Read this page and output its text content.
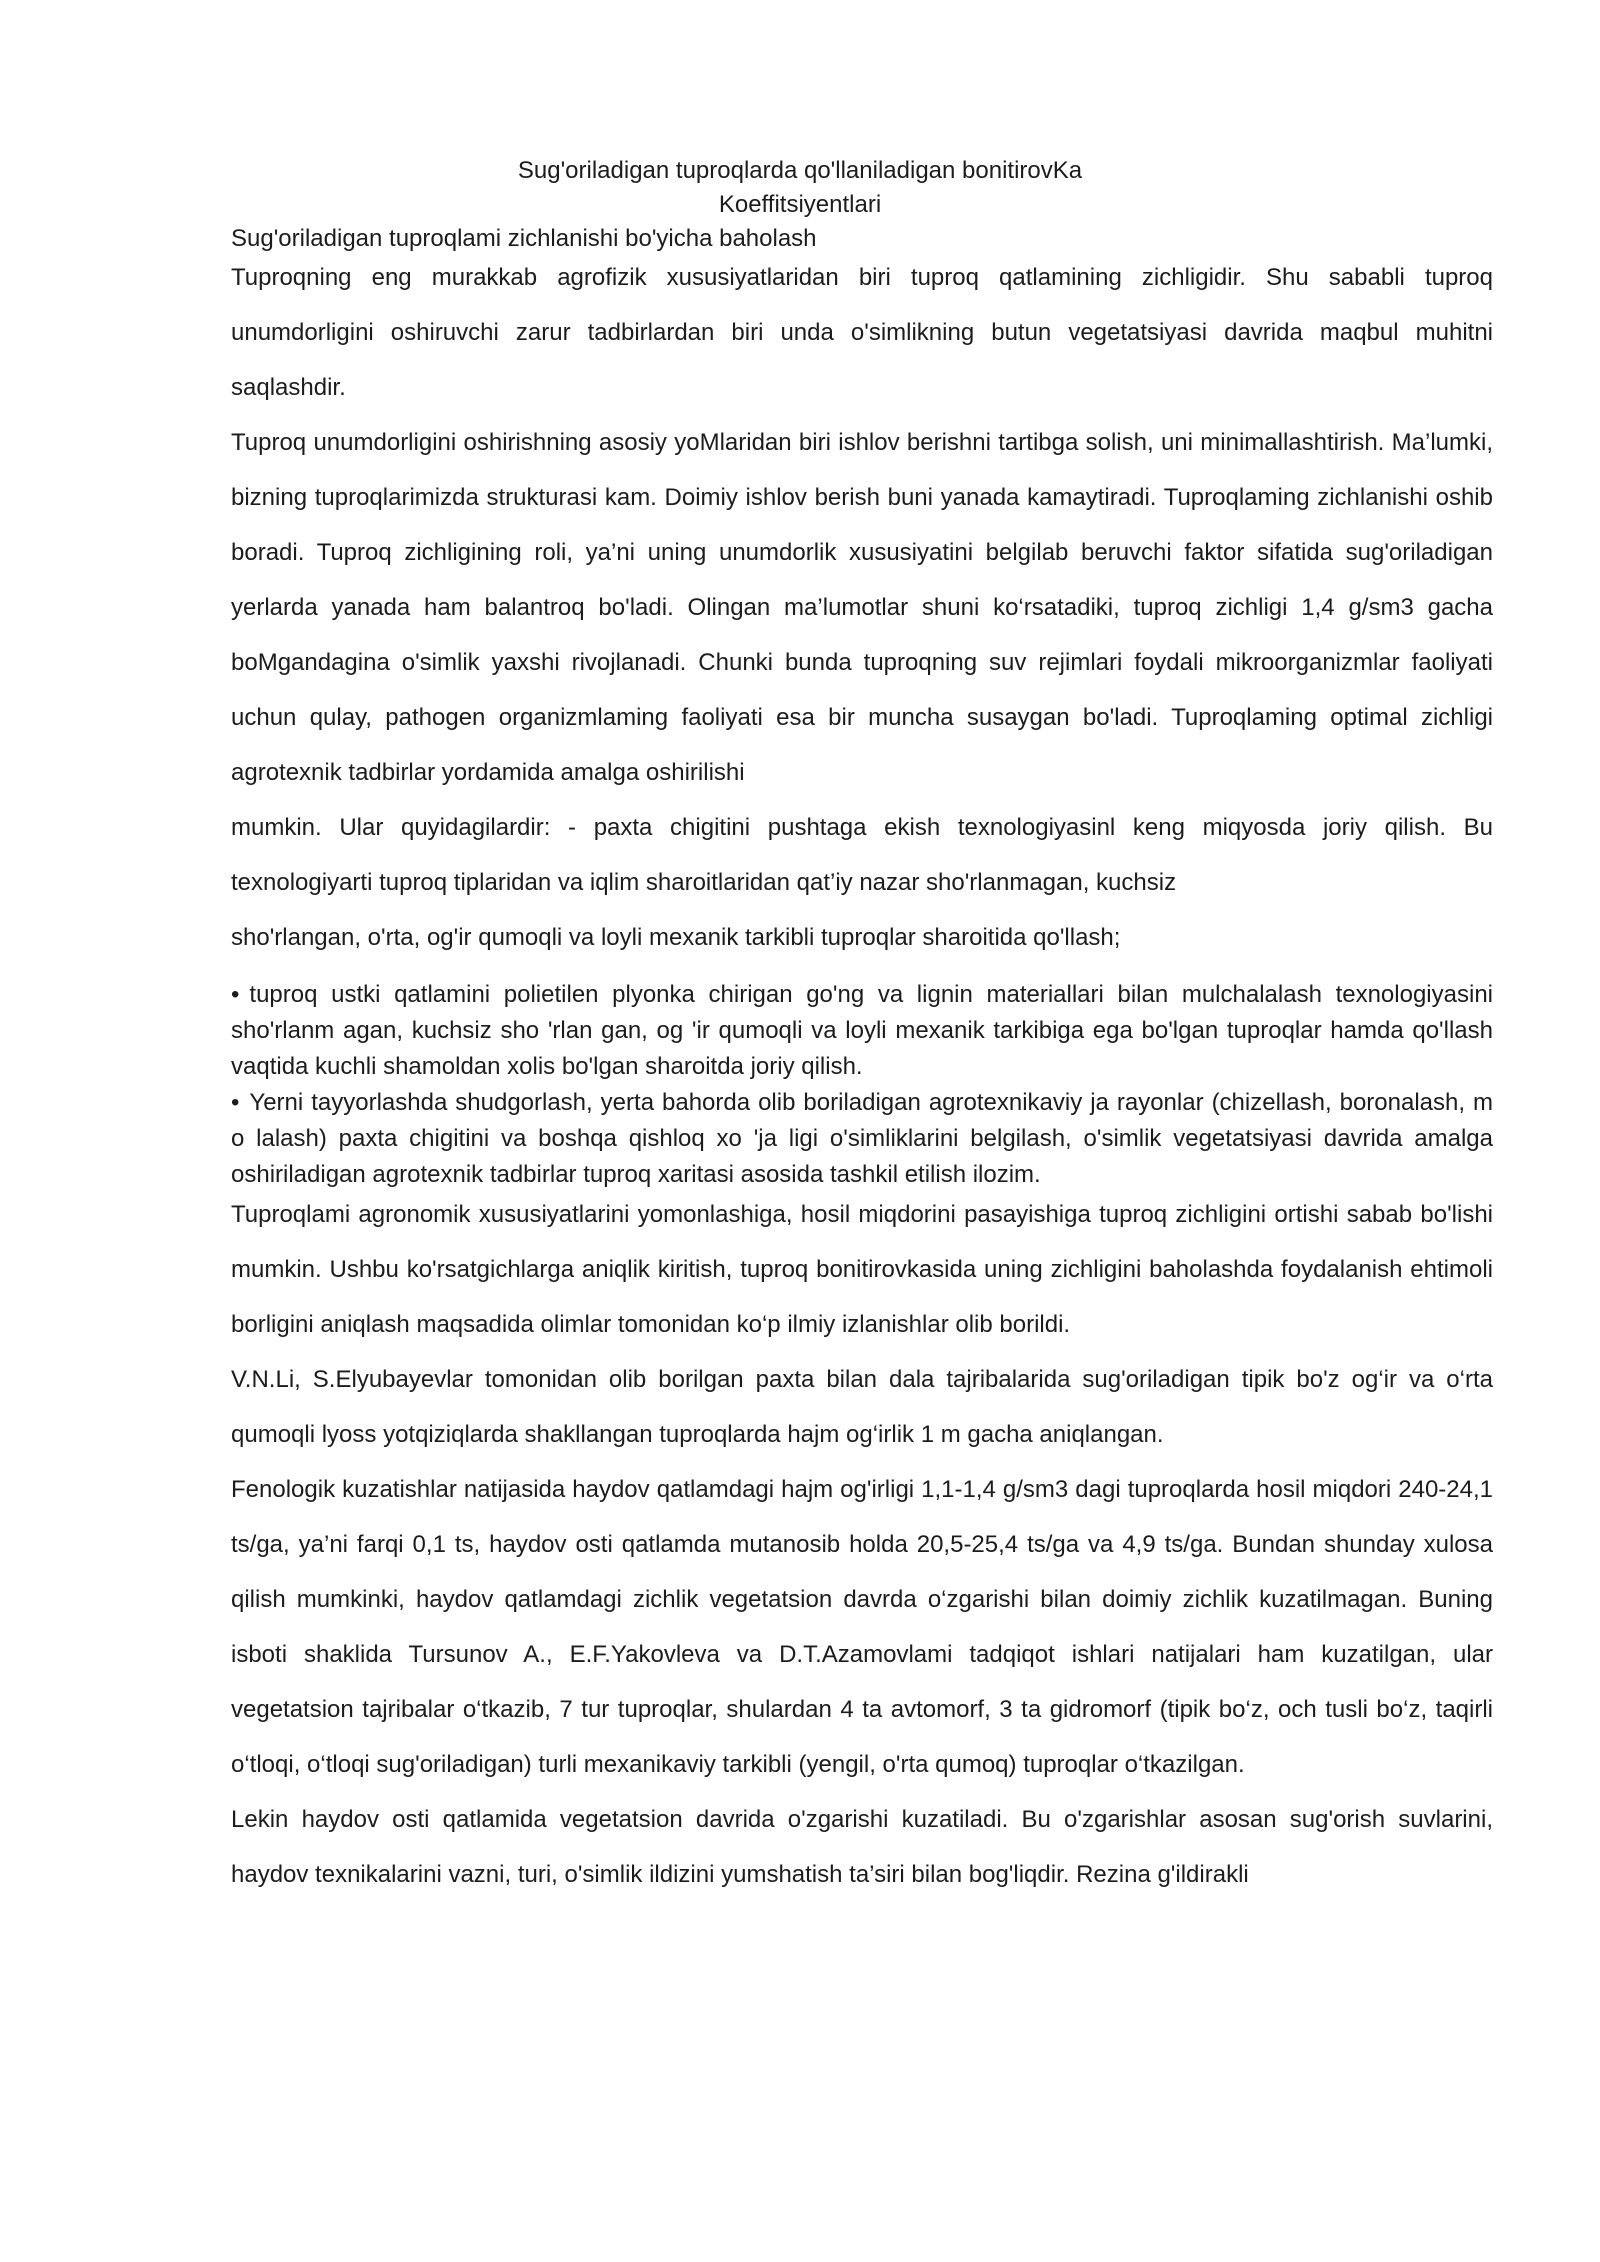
Sug'oriladigan tuproqlarda qo'llaniladigan bonitirovKa

Koeffitsiyentlari

Sug'oriladigan tuproqlami zichlanishi bo'yicha baholash

Tuproqning eng murakkab agrofizik xususiyatlaridan biri tuproq qatlamining zichligidir. Shu sababli tuproq unumdorligini oshiruvchi zarur tadbirlardan biri unda o'simlikning butun vegetatsiyasi davrida maqbul muhitni saqlashdir.

Tuproq unumdorligini oshirishning asosiy yoMlaridan biri ishlov berishni tartibga solish, uni minimallashtirish. Ma’lumki, bizning tuproqlarimizda strukturasi kam. Doimiy ishlov berish buni yanada kamaytiradi. Tuproqlaming zichlanishi oshib boradi. Tuproq zichligining roli, ya’ni uning unumdorlik xususiyatini belgilab beruvchi faktor sifatida sug'oriladigan yerlarda yanada ham balantroq bo'ladi. Olingan ma’lumotlar shuni ko‘rsatadiki, tuproq zichligi 1,4 g/sm3 gacha boMgandagina o'simlik yaxshi rivojlanadi. Chunki bunda tuproqning suv rejimlari foydali mikroorganizmlar faoliyati uchun qulay, pathogen organizmlaming faoliyati esa bir muncha susaygan bo'ladi. Tuproqlaming optimal zichligi agrotexnik tadbirlar yordamida amalga oshirilishi

mumkin. Ular quyidagilardir: - paxta chigitini pushtaga ekish texnologiyasinl keng miqyosda joriy qilish. Bu texnologiyarti tuproq tiplaridan va iqlim sharoitlaridan qat’iy nazar sho'rlanmagan, kuchsiz

sho'rlangan, o'rta, og'ir qumoqli va loyli mexanik tarkibli tuproqlar sharoitida qo'llash;

• tuproq ustki qatlamini polietilen plyonka chirigan go'ng va lignin materiallari bilan mulchalalash texnologiyasini sho'rlanm agan, kuchsiz sho 'rlan gan, og 'ir qumoqli va loyli mexanik tarkibiga ega bo'lgan tuproqlar hamda qo'llash vaqtida kuchli shamoldan xolis bo'lgan sharoitda joriy qilish.

• Yerni tayyorlashda shudgorlash, yerta bahorda olib boriladigan agrotexnikaviy ja rayonlar (chizellash, boronalash, m o lalash) paxta chigitini va boshqa qishloq xo 'ja ligi o'simliklarini belgilash, o'simlik vegetatsiyasi davrida amalga oshiriladigan agrotexnik tadbirlar tuproq xaritasi asosida tashkil etilish ilozim.

Tuproqlami agronomik xususiyatlarini yomonlashiga, hosil miqdorini pasayishiga tuproq zichligini ortishi sabab bo'lishi mumkin. Ushbu ko'rsatgichlarga aniqlik kiritish, tuproq bonitirovkasida uning zichligini baholashda foydalanish ehtimoli borligini aniqlash maqsadida olimlar tomonidan ko‘p ilmiy izlanishlar olib borildi.

V.N.Li, S.Elyubayevlar tomonidan olib borilgan paxta bilan dala tajribalarida sug'oriladigan tipik bo'z og‘ir va o‘rta qumoqli lyoss yotqiziqlarda shakllangan tuproqlarda hajm og‘irlik 1 m gacha aniqlangan.

Fenologik kuzatishlar natijasida haydov qatlamdagi hajm og'irligi 1,1-1,4 g/sm3 dagi tuproqlarda hosil miqdori 240-24,1 ts/ga, ya’ni farqi 0,1 ts, haydov osti qatlamda mutanosib holda 20,5-25,4 ts/ga va 4,9 ts/ga. Bundan shunday xulosa qilish mumkinki, haydov qatlamdagi zichlik vegetatsion davrda o‘zgarishi bilan doimiy zichlik kuzatilmagan. Buning isboti shaklida Tursunov A., E.F.Yakovleva va D.T.Azamovlami tadqiqot ishlari natijalari ham kuzatilgan, ular vegetatsion tajribalar o‘tkazib, 7 tur tuproqlar, shulardan 4 ta avtomorf, 3 ta gidromorf (tipik bo‘z, och tusli bo‘z, taqirli o‘tloqi, o‘tloqi sug'oriladigan) turli mexanikaviy tarkibli (yengil, o'rta qumoq) tuproqlar o‘tkazilgan.

Lekin haydov osti qatlamida vegetatsion davrida o'zgarishi kuzatiladi. Bu o'zgarishlar asosan sug'orish suvlarini, haydov texnikalarini vazni, turi, o'simlik ildizini yumshatish ta’siri bilan bog'liqdir. Rezina g'ildirakli
